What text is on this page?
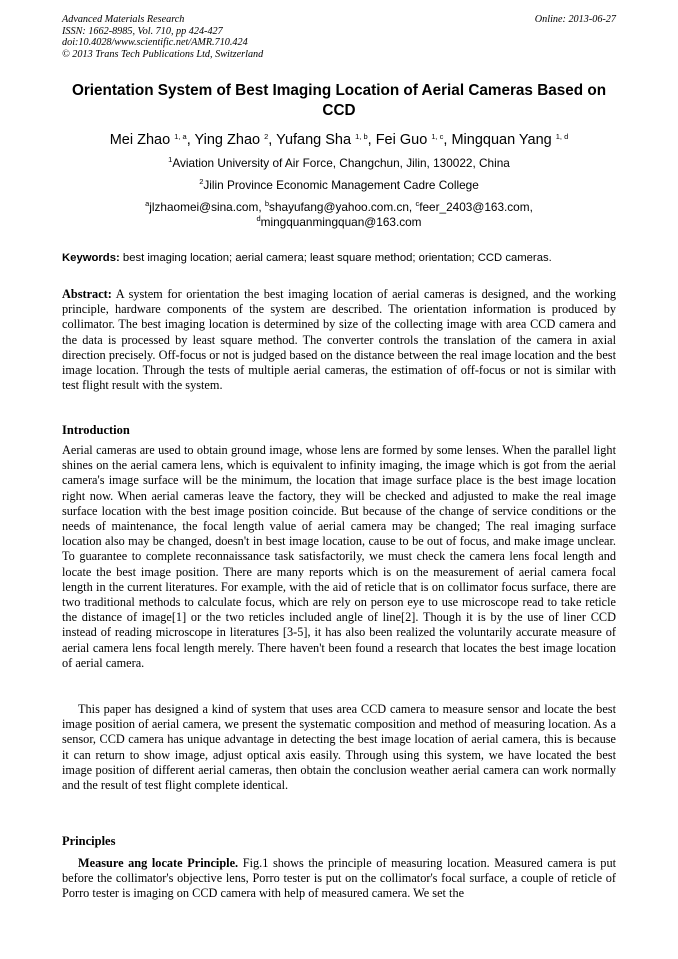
Advanced Materials Research
ISSN: 1662-8985, Vol. 710, pp 424-427
doi:10.4028/www.scientific.net/AMR.710.424
© 2013 Trans Tech Publications Ltd, Switzerland
Online: 2013-06-27
Orientation System of Best Imaging Location of Aerial Cameras Based on CCD
Mei Zhao $^{1, a}$, Ying Zhao $^2$, Yufang Sha $^{1, b}$, Fei Guo $^{1, c}$, Mingquan Yang $^{1, d}$
$^1$Aviation University of Air Force, Changchun, Jilin, 130022, China
$^2$Jilin Province Economic Management Cadre College
$^a$jlzhaomei@sina.com, $^b$shayufang@yahoo.com.cn, $^c$feer_2403@163.com,
$^d$mingquanmingquan@163.com
Keywords: best imaging location; aerial camera; least square method; orientation; CCD cameras.
Abstract: A system for orientation the best imaging location of aerial cameras is designed, and the working principle, hardware components of the system are described. The orientation information is produced by collimator. The best imaging location is determined by size of the collecting image with area CCD camera and the data is processed by least square method. The converter controls the translation of the camera in axial direction precisely. Off-focus or not is judged based on the distance between the real image location and the best image location. Through the tests of multiple aerial cameras, the estimation of off-focus or not is similar with test flight result with the system.
Introduction
Aerial cameras are used to obtain ground image, whose lens are formed by some lenses. When the parallel light shines on the aerial camera lens, which is equivalent to infinity imaging, the image which is got from the aerial camera's image surface will be the minimum, the location that image surface place is the best image location right now. When aerial cameras leave the factory, they will be checked and adjusted to make the real image surface location with the best image position coincide. But because of the change of service conditions or the needs of maintenance, the focal length value of aerial camera may be changed; The real imaging surface location also may be changed, doesn't in best image location, cause to be out of focus, and make image unclear. To guarantee to complete reconnaissance task satisfactorily, we must check the camera lens focal length and locate the best image position. There are many reports which is on the measurement of aerial camera focal length in the current literatures. For example, with the aid of reticle that is on collimator focus surface, there are two traditional methods to calculate focus, which are rely on person eye to use microscope read to take reticle the distance of image[1] or the two reticles included angle of line[2]. Though it is by the use of liner CCD instead of reading microscope in literatures [3-5], it has also been realized the voluntarily accurate measure of aerial camera lens focal length merely. There haven't been found a research that locates the best image location of aerial camera.
This paper has designed a kind of system that uses area CCD camera to measure sensor and locate the best image position of aerial camera, we present the systematic composition and method of measuring location. As a sensor, CCD camera has unique advantage in detecting the best image location of aerial camera, this is because it can return to show image, adjust optical axis easily. Through using this system, we have located the best image position of different aerial cameras, then obtain the conclusion weather aerial camera can work normally and the result of test flight complete identical.
Principles
Measure ang locate Principle. Fig.1 shows the principle of measuring location. Measured camera is put before the collimator's objective lens, Porro tester is put on the collimator's focal surface, a couple of reticle of Porro tester is imaging on CCD camera with help of measured camera. We set the
